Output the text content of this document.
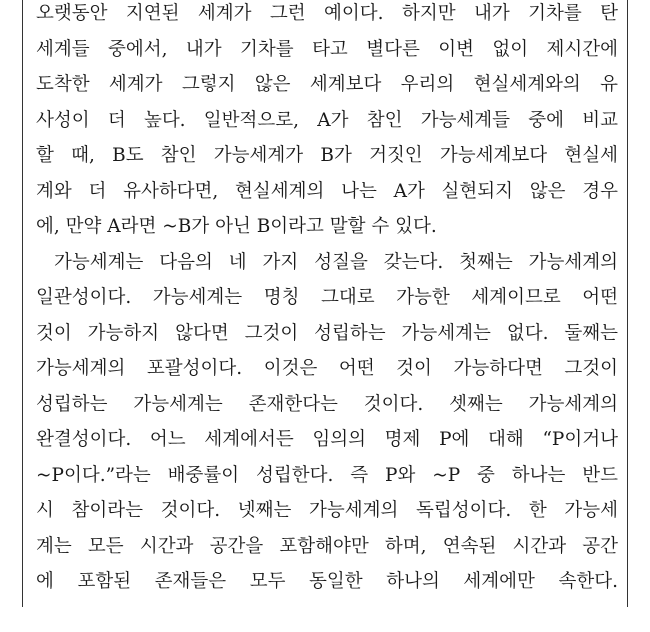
오랫동안 지연된 세계가 그런 예이다. 하지만 내가 기차를 탄
세계들 중에서, 내가 기차를 타고 별다른 이변 없이 제시간에
도착한 세계가 그렇지 않은 세계보다 우리의 현실세계와의 유
사성이 더 높다. 일반적으로, A가 참인 가능세계들 중에 비교
할 때, B도 참인 가능세계가 B가 거짓인 가능세계보다 현실세
계와 더 유사하다면, 현실세계의 나는 A가 실현되지 않은 경우
에, 만약 A라면 ~B가 아닌 B이라고 말할 수 있다.
가능세계는 다음의 네 가지 성질을 갖는다. 첫째는 가능세계의
일관성이다. 가능세계는 명칭 그대로 가능한 세계이므로 어떤
것이 가능하지 않다면 그것이 성립하는 가능세계는 없다. 둘째는
가능세계의 포괄성이다. 이것은 어떤 것이 가능하다면 그것이
성립하는 가능세계는 존재한다는 것이다. 셋째는 가능세계의
완결성이다. 어느 세계에서든 임의의 명제 P에 대해 “P이거나
~P이다.”라는 배중률이 성립한다. 즉 P와 ~P 중 하나는 반드
시 참이라는 것이다. 넷째는 가능세계의 독립성이다. 한 가능세
계는 모든 시간과 공간을 포함해야만 하며, 연속된 시간과 공간
에 포함된 존재들은 모두 동일한 하나의 세계에만 속한다.
